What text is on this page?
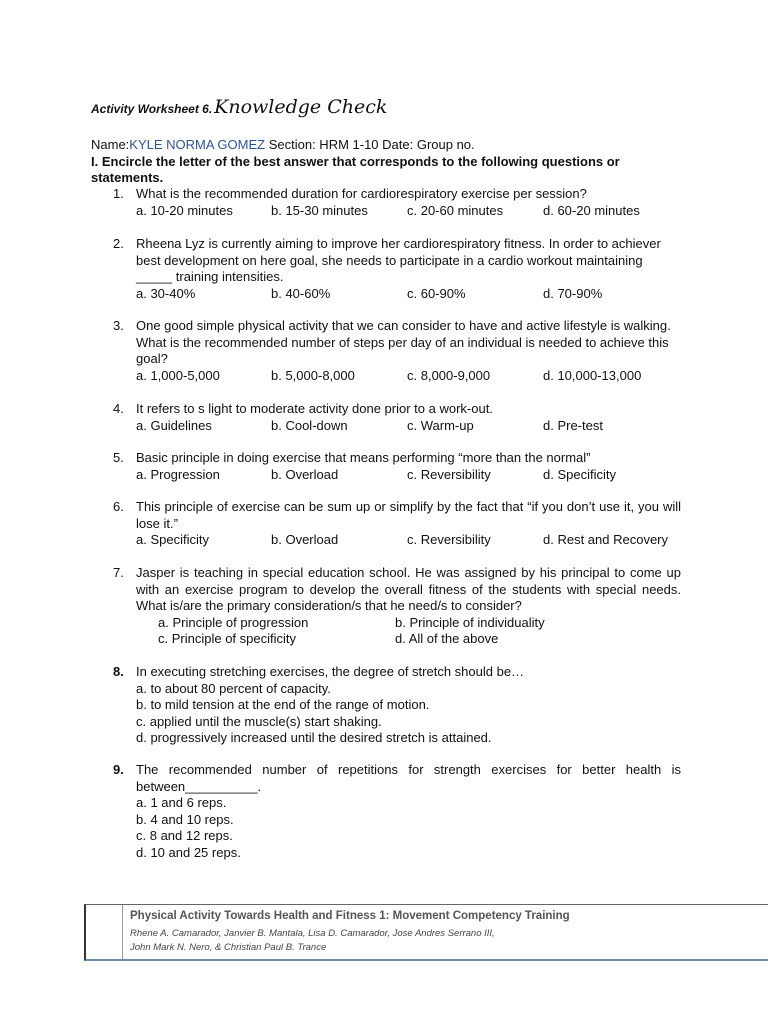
Activity Worksheet 6. Knowledge Check
Name:KYLE NORMA GOMEZ Section: HRM 1-10 Date: Group no.
I. Encircle the letter of the best answer that corresponds to the following questions or statements.
1. What is the recommended duration for cardiorespiratory exercise per session?
a. 10-20 minutes	b. 15-30 minutes	c. 20-60 minutes	d. 60-20 minutes
2. Rheena Lyz is currently aiming to improve her cardiorespiratory fitness. In order to achiever best development on here goal, she needs to participate in a cardio workout maintaining _____ training intensities.
a. 30-40%	b. 40-60%	c. 60-90%	d. 70-90%
3. One good simple physical activity that we can consider to have and active lifestyle is walking. What is the recommended number of steps per day of an individual is needed to achieve this goal?
a. 1,000-5,000	b. 5,000-8,000	c. 8,000-9,000	d. 10,000-13,000
4. It refers to s light to moderate activity done prior to a work-out.
a. Guidelines	b. Cool-down	c. Warm-up	d. Pre-test
5. Basic principle in doing exercise that means performing “more than the normal”
a. Progression	b. Overload	c. Reversibility	d. Specificity
6. This principle of exercise can be sum up or simplify by the fact that “if you don’t use it, you will lose it.”
a. Specificity	b. Overload	c. Reversibility	d. Rest and Recovery
7. Jasper is teaching in special education school. He was assigned by his principal to come up with an exercise program to develop the overall fitness of the students with special needs. What is/are the primary consideration/s that he need/s to consider?
a. Principle of progression	b. Principle of individuality
c. Principle of specificity	d. All of the above
8. In executing stretching exercises, the degree of stretch should be…
a. to about 80 percent of capacity.
b. to mild tension at the end of the range of motion.
c. applied until the muscle(s) start shaking.
d. progressively increased until the desired stretch is attained.
9. The recommended number of repetitions for strength exercises for better health is between__________.
a. 1 and 6 reps.
b. 4 and 10 reps.
c. 8 and 12 reps.
d. 10 and 25 reps.
Physical Activity Towards Health and Fitness 1: Movement Competency Training
Rhene A. Camarador, Janvier B. Mantala, Lisa D. Camarador, Jose Andres Serrano III,
John Mark N. Nero, & Christian Paul B. Trance
